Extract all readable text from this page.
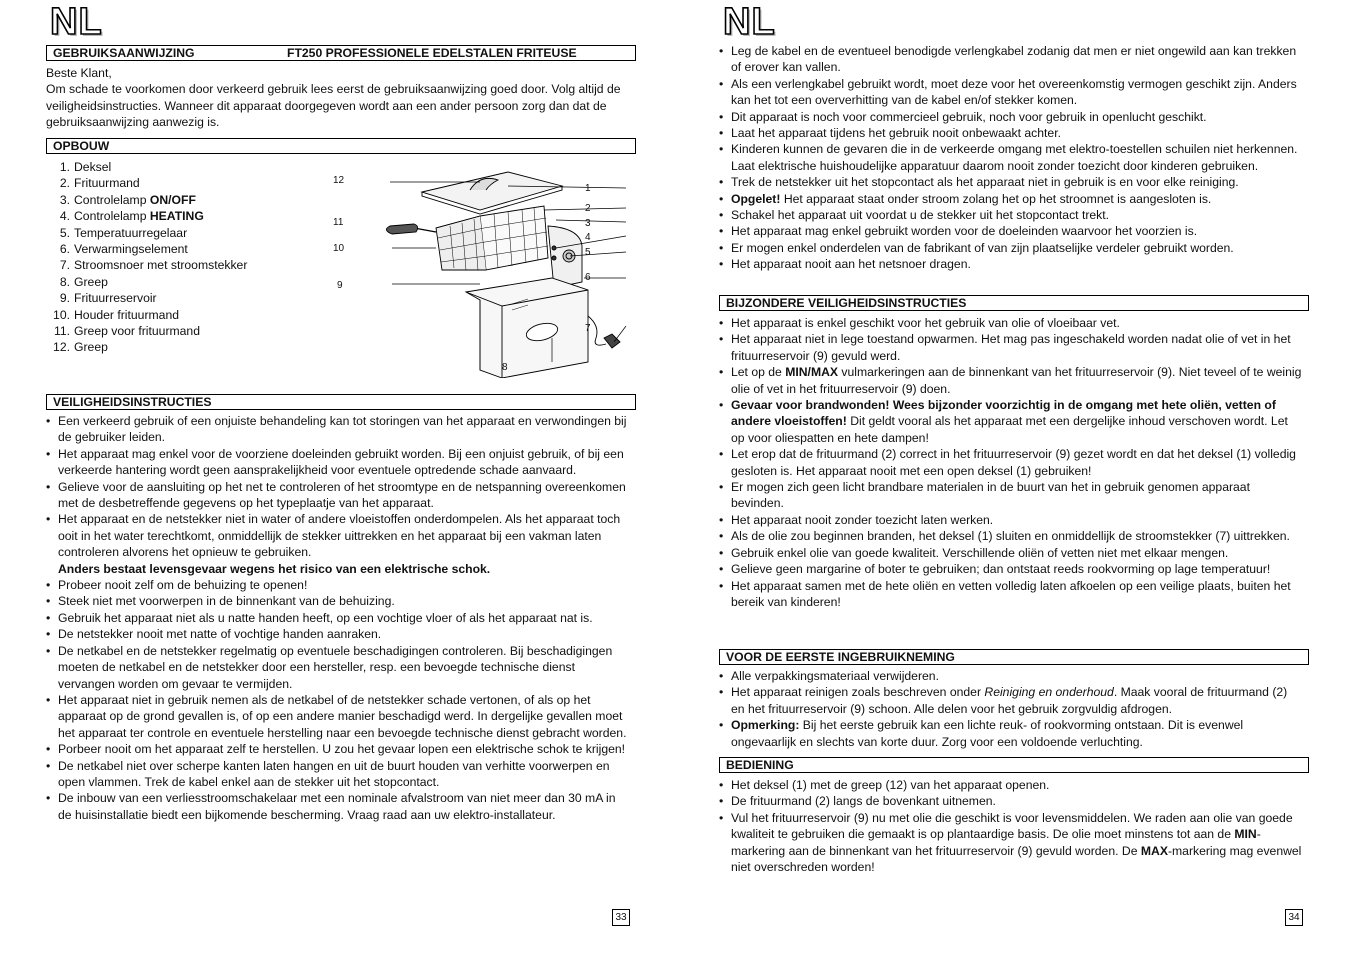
NL
GEBRUIKSAANWIJZING	FT250 PROFESSIONELE EDELSTALEN FRITEUSE
Beste Klant,
Om schade te voorkomen door verkeerd gebruik lees eerst de gebruiksaanwijzing goed door. Volg altijd de veiligheidsinstructies. Wanneer dit apparaat doorgegeven wordt aan een ander persoon zorg dan dat de gebruiksaanwijzing aanwezig is.
OPBOUW
1. Deksel
2. Frituurmand
3. Controlelamp ON/OFF
4. Controlelamp HEATING
5. Temperatuurregelaar
6. Verwarmingselement
7. Stroomsnoer met stroomstekker
8. Greep
9. Frituurreservoir
10. Houder frituurmand
11. Greep voor frituurmand
12. Greep
12
11
10
9
1
2
3
4
5
6
7
8
VEILIGHEIDSINSTRUCTIES
• Een verkeerd gebruik of een onjuiste behandeling kan tot storingen van het apparaat en verwondingen bij de gebruiker leiden.
• Het apparaat mag enkel voor de voorziene doeleinden gebruikt worden. Bij een onjuist gebruik, of bij een verkeerde hantering wordt geen aansprakelijkheid voor eventuele optredende schade aanvaard.
• Gelieve voor de aansluiting op het net te controleren of het stroomtype en de netspanning overeenkomen met de desbetreffende gegevens op het typeplaatje van het apparaat.
• Het apparaat en de netstekker niet in water of andere vloeistoffen onderdompelen. Als het apparaat toch ooit in het water terechtkomt, onmiddellijk de stekker uittrekken en het apparaat bij een vakman laten controleren alvorens het opnieuw te gebruiken.
Anders bestaat levensgevaar wegens het risico van een elektrische schok.
• Probeer nooit zelf om de behuizing te openen!
• Steek niet met voorwerpen in de binnenkant van de behuizing.
• Gebruik het apparaat niet als u natte handen heeft, op een vochtige vloer of als het apparaat nat is.
• De netstekker nooit met natte of vochtige handen aanraken.
• De netkabel en de netstekker regelmatig op eventuele beschadigingen controleren. Bij beschadigingen moeten de netkabel en de netstekker door een hersteller, resp. een bevoegde technische dienst vervangen worden om gevaar te vermijden.
• Het apparaat niet in gebruik nemen als de netkabel of de netstekker schade vertonen, of als op het apparaat op de grond gevallen is, of op een andere manier beschadigd werd. In dergelijke gevallen moet het apparaat ter controle en eventuele herstelling naar een bevoegde technische dienst gebracht worden.
• Porbeer nooit om het apparaat zelf te herstellen. U zou het gevaar lopen een elektrische schok te krijgen!
• De netkabel niet over scherpe kanten laten hangen en uit de buurt houden van verhitte voorwerpen en open vlammen. Trek de kabel enkel aan de stekker uit het stopcontact.
• De inbouw van een verliesstroomschakelaar met een nominale afvalstroom van niet meer dan 30 mA in de huisinstallatie biedt een bijkomende bescherming. Vraag raad aan uw elektro-installateur.
33
NL
• Leg de kabel en de eventueel benodigde verlengkabel zodanig dat men er niet ongewild aan kan trekken of erover kan vallen.
• Als een verlengkabel gebruikt wordt, moet deze voor het overeenkomstig vermogen geschikt zijn. Anders kan het tot een oververhitting van de kabel en/of stekker komen.
• Dit apparaat is noch voor commercieel gebruik, noch voor gebruik in openlucht geschikt.
• Laat het apparaat tijdens het gebruik nooit onbewaakt achter.
• Kinderen kunnen de gevaren die in de verkeerde omgang met elektro-toestellen schuilen niet herkennen.
Laat elektrische huishoudelijke apparatuur daarom nooit zonder toezicht door kinderen gebruiken.
• Trek de netstekker uit het stopcontact als het apparaat niet in gebruik is en voor elke reiniging.
• Opgelet! Het apparaat staat onder stroom zolang het op het stroomnet is aangesloten is.
• Schakel het apparaat uit voordat u de stekker uit het stopcontact trekt.
• Het apparaat mag enkel gebruikt worden voor de doeleinden waarvoor het voorzien is.
• Er mogen enkel onderdelen van de fabrikant of van zijn plaatselijke verdeler gebruikt worden.
• Het apparaat nooit aan het netsnoer dragen.
BIJZONDERE VEILIGHEIDSINSTRUCTIES
• Het apparaat is enkel geschikt voor het gebruik van olie of vloeibaar vet.
• Het apparaat niet in lege toestand opwarmen. Het mag pas ingeschakeld worden nadat olie of vet in het frituurreservoir (9) gevuld werd.
• Let op de MIN/MAX vulmarkeringen aan de binnenkant van het frituurreservoir (9). Niet teveel of te weinig olie of vet in het frituurreservoir (9) doen.
• Gevaar voor brandwonden! Wees bijzonder voorzichtig in de omgang met hete oliën, vetten of andere vloeistoffen! Dit geldt vooral als het apparaat met een dergelijke inhoud verschoven wordt. Let op voor oliespatten en hete dampen!
• Let erop dat de frituurmand (2) correct in het frituurreservoir (9) gezet wordt en dat het deksel (1) volledig gesloten is. Het apparaat nooit met een open deksel (1) gebruiken!
• Er mogen zich geen licht brandbare materialen in de buurt van het in gebruik genomen apparaat bevinden.
• Het apparaat nooit zonder toezicht laten werken.
• Als de olie zou beginnen branden, het deksel (1) sluiten en onmiddellijk de stroomstekker (7) uittrekken.
• Gebruik enkel olie van goede kwaliteit. Verschillende oliën of vetten niet met elkaar mengen.
• Gelieve geen margarine of boter te gebruiken; dan ontstaat reeds rookvorming op lage temperatuur!
• Het apparaat samen met de hete oliën en vetten volledig laten afkoelen op een veilige plaats, buiten het bereik van kinderen!
VOOR DE EERSTE INGEBRUIKNEMING
• Alle verpakkingsmateriaal verwijderen.
• Het apparaat reinigen zoals beschreven onder Reiniging en onderhoud. Maak vooral de frituurmand (2) en het frituurreservoir (9) schoon. Alle delen voor het gebruik zorgvuldig afdrogen.
• Opmerking: Bij het eerste gebruik kan een lichte reuk- of rookvorming ontstaan. Dit is evenwel ongevaarlijk en slechts van korte duur. Zorg voor een voldoende verluchting.
BEDIENING
• Het deksel (1) met de greep (12) van het apparaat openen.
• De frituurmand (2) langs de bovenkant uitnemen.
• Vul het frituurreservoir (9) nu met olie die geschikt is voor levensmiddelen. We raden aan olie van goede kwaliteit te gebruiken die gemaakt is op plantaardige basis. De olie moet minstens tot aan de MIN-markering aan de binnenkant van het frituurreservoir (9) gevuld worden. De MAX-markering mag evenwel niet overschreden worden!
34
